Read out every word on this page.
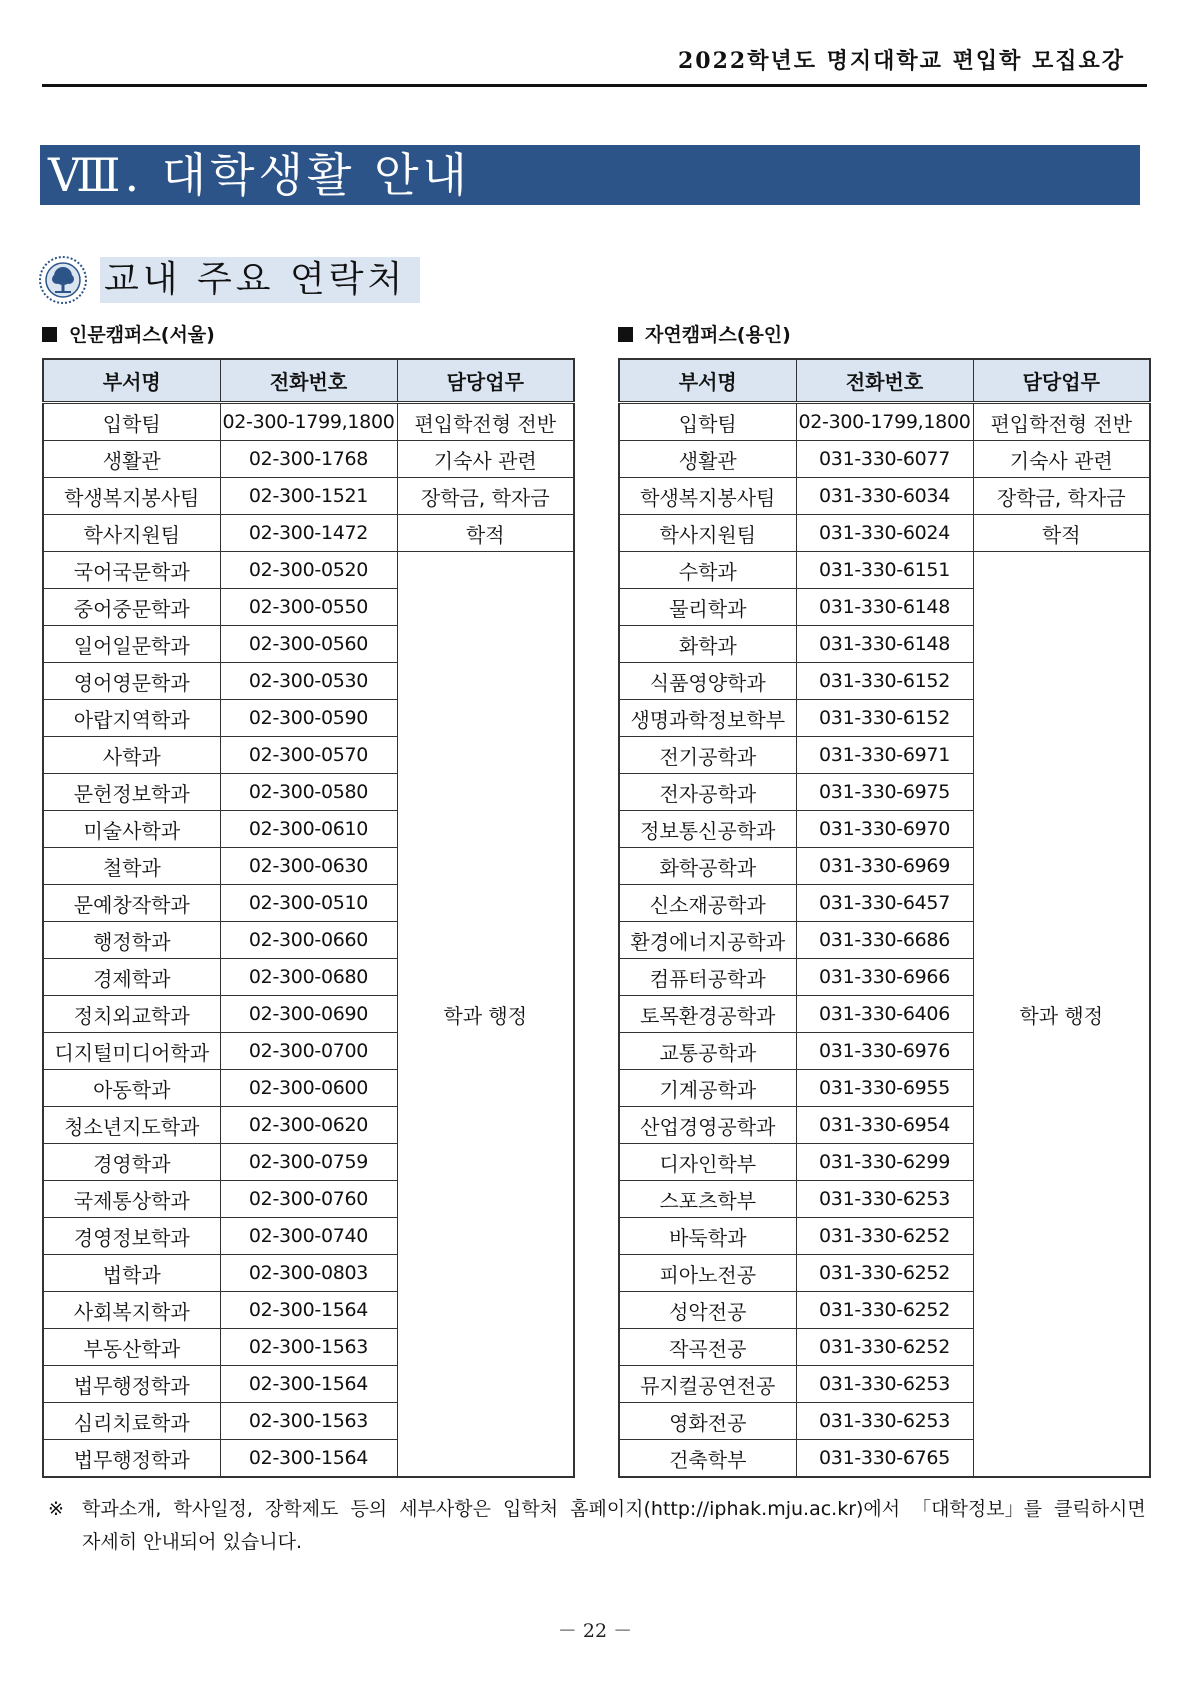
2022학년도 명지대학교 편입학 모집요강
Ⅷ. 대학생활 안내
교내 주요 연락처
인문캠퍼스(서울)	자연캠퍼스(용인)
부서명	전화번호	담당업무
입학팀	02-300-1799,1800	편입학전형 전반
생활관	02-300-1768	기숙사 관련
학생복지봉사팀	02-300-1521	장학금, 학자금
학사지원팀	02-300-1472	학적
국어국문학과	02-300-0520	학과 행정
중어중문학과	02-300-0550	
일어일문학과	02-300-0560	
영어영문학과	02-300-0530	
아랍지역학과	02-300-0590	
사학과	02-300-0570	
문헌정보학과	02-300-0580	
미술사학과	02-300-0610	
철학과	02-300-0630	
문예창작학과	02-300-0510	
행정학과	02-300-0660	
경제학과	02-300-0680	
정치외교학과	02-300-0690	
디지털미디어학과	02-300-0700	
아동학과	02-300-0600	
청소년지도학과	02-300-0620	
경영학과	02-300-0759	
국제통상학과	02-300-0760	
경영정보학과	02-300-0740	
법학과	02-300-0803	
사회복지학과	02-300-1564	
부동산학과	02-300-1563	
법무행정학과	02-300-1564	
심리치료학과	02-300-1563	
법무행정학과	02-300-1564	
부서명	전화번호	담당업무
입학팀	02-300-1799,1800	편입학전형 전반
생활관	031-330-6077	기숙사 관련
학생복지봉사팀	031-330-6034	장학금, 학자금
학사지원팀	031-330-6024	학적
수학과	031-330-6151	학과 행정
물리학과	031-330-6148	
화학과	031-330-6148	
식품영양학과	031-330-6152	
생명과학정보학부	031-330-6152	
전기공학과	031-330-6971	
전자공학과	031-330-6975	
정보통신공학과	031-330-6970	
화학공학과	031-330-6969	
신소재공학과	031-330-6457	
환경에너지공학과	031-330-6686	
컴퓨터공학과	031-330-6966	
토목환경공학과	031-330-6406	
교통공학과	031-330-6976	
기계공학과	031-330-6955	
산업경영공학과	031-330-6954	
디자인학부	031-330-6299	
스포츠학부	031-330-6253	
바둑학과	031-330-6252	
피아노전공	031-330-6252	
성악전공	031-330-6252	
작곡전공	031-330-6252	
뮤지컬공연전공	031-330-6253	
영화전공	031-330-6253	
건축학부	031-330-6765	
※ 학과소개, 학사일정, 장학제도 등의 세부사항은 입학처 홈페이지(http://iphak.mju.ac.kr)에서 「대학정보」를 클릭하시면
자세히 안내되어 있습니다.
－ 22 －
